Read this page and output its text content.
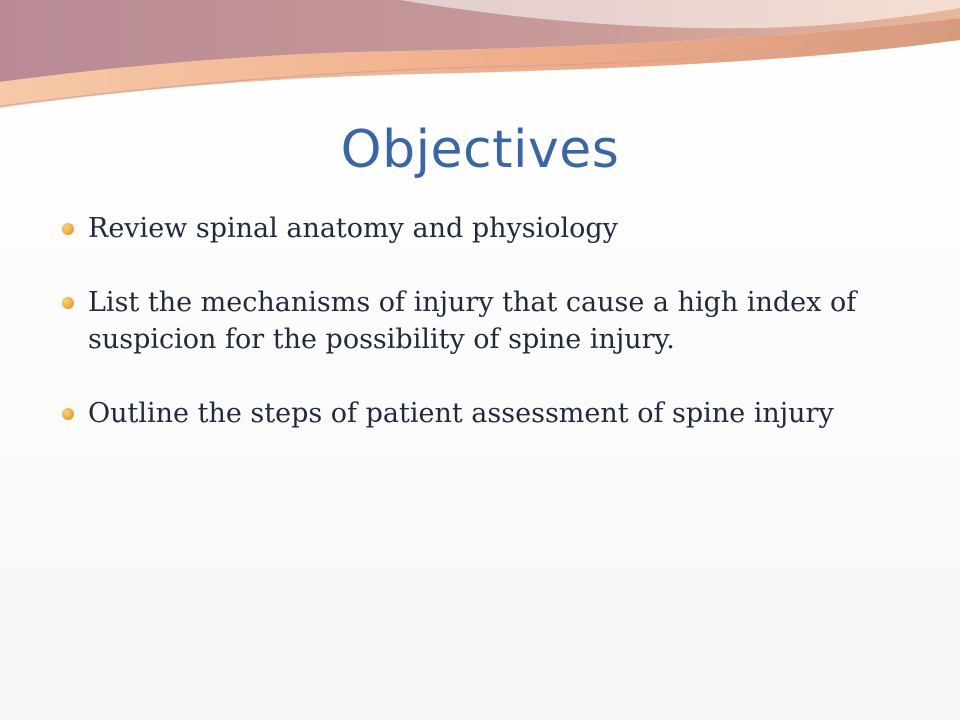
Objectives
Review spinal anatomy and physiology
List the mechanisms of injury that cause a high index of suspicion for the possibility of spine injury.
Outline the steps of patient assessment of spine injury
